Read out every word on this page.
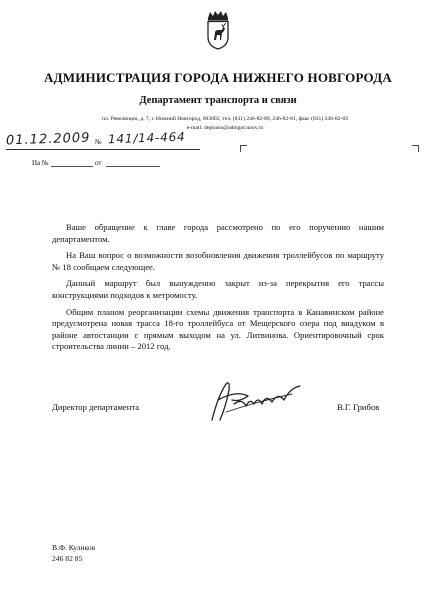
АДМИНИСТРАЦИЯ ГОРОДА НИЖНЕГО НОВГОРОДА
Департамент транспорта и связи
пл. Революции, д. 7, г. Нижний Новгород, 603002, тел. (831) 246-82-80, 246-82-81, факс (831) 246-82-83
e-mail: depirans@admgor.nnov.ru
01.12.2009 № 141/14-464
На №	от

Ваше обращение к главе города рассмотрено по его поручению нашим департаментом.

На Ваш вопрос о возможности возобновления движения троллейбусов по маршруту № 18 сообщаем следующее.

Данный маршрут был вынужденно закрыт из-за перекрытия его трассы конструкциями подходов к метромосту.

Общим планом реорганизации схемы движения транспорта в Канавинском районе предусмотрена новая трасса 18-го троллейбуса от Мещерского озера под виадуком в районе автостанции с прямым выходом на ул. Литвинова. Ориентировочный срок строительства линии – 2012 год.

Директор департамента	В.Г. Грибов
В.Ф. Куликов
246 82 85
